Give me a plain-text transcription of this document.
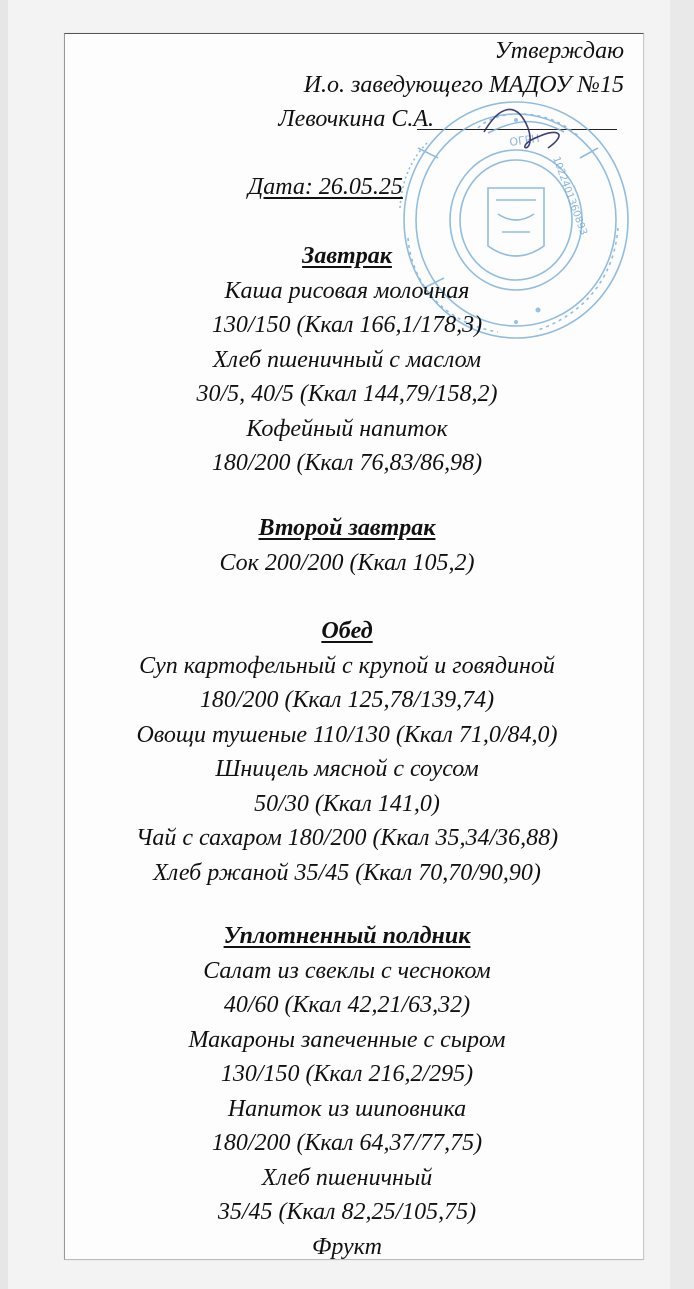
Утверждаю
И.о. заведующего МАДОУ №15
Левочкина С.А.
ОГРН
1022401360893
Дата: 26.05.25
Завтрак
Каша рисовая молочная
130/150 (Ккал 166,1/178,3)
Хлеб пшеничный с маслом
30/5, 40/5 (Ккал 144,79/158,2)
Кофейный напиток
180/200 (Ккал 76,83/86,98)
Второй завтрак
Сок 200/200 (Ккал 105,2)
Обед
Суп картофельный с крупой и говядиной
180/200 (Ккал 125,78/139,74)
Овощи тушеные 110/130 (Ккал 71,0/84,0)
Шницель мясной с соусом
50/30 (Ккал 141,0)
Чай с сахаром 180/200 (Ккал 35,34/36,88)
Хлеб ржаной 35/45 (Ккал 70,70/90,90)
Уплотненный полдник
Салат из свеклы с чесноком
40/60 (Ккал 42,21/63,32)
Макароны запеченные с сыром
130/150 (Ккал 216,2/295)
Напиток из шиповника
180/200 (Ккал 64,37/77,75)
Хлеб пшеничный
35/45 (Ккал 82,25/105,75)
Фрукт
